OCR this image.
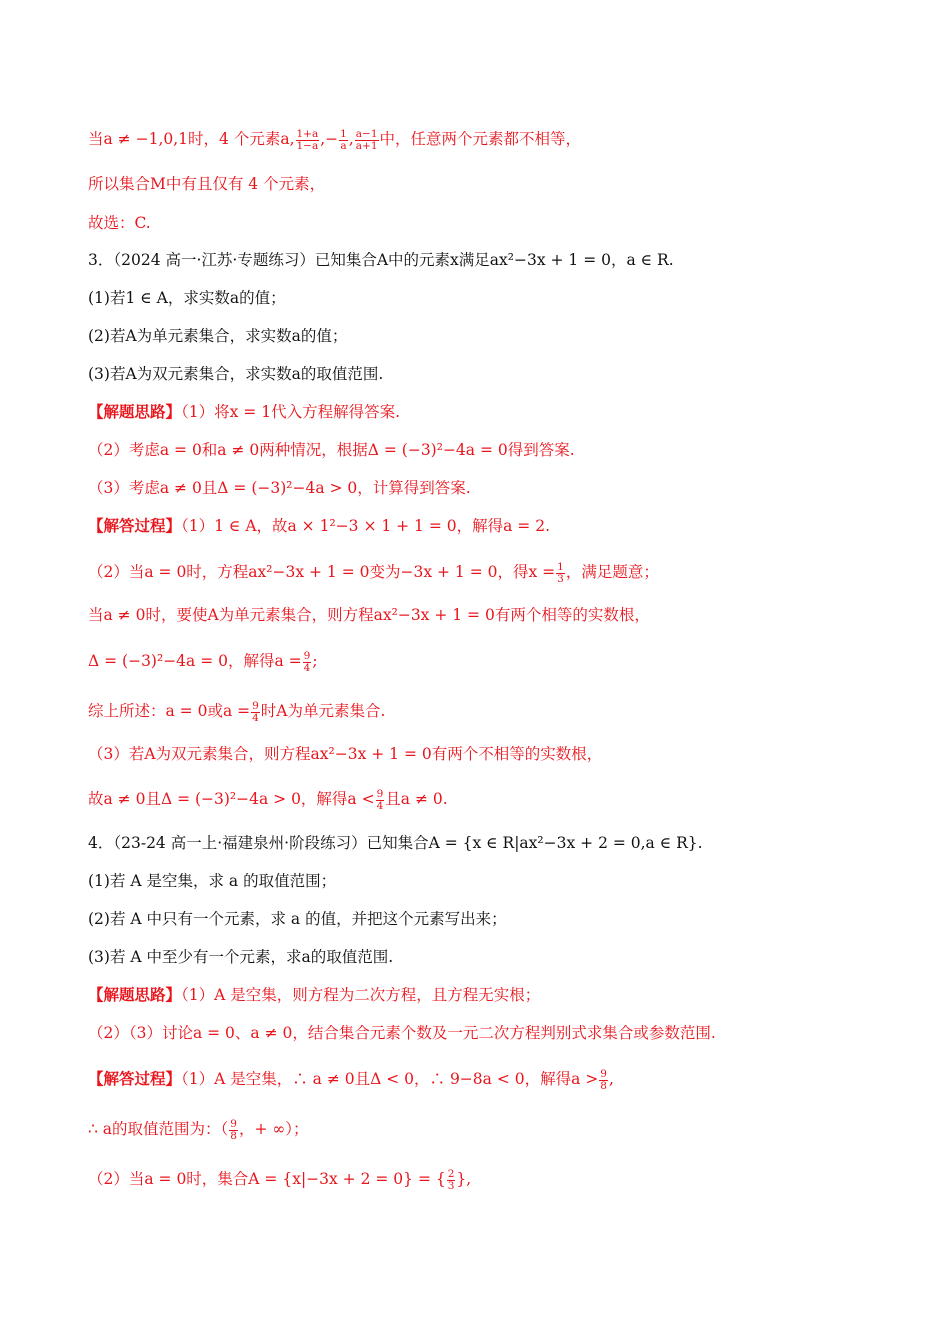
当a ≠ −1,0,1时，4 个元素a, $\frac{1+a}{1-a}$ ,− $\frac{1}{a}$ , $\frac{a-1}{a+1}$ 中，任意两个元素都不相等，
所以集合M中有且仅有 4 个元素，
故选：C.
3．（2024 高一·江苏·专题练习）已知集合A中的元素x满足ax²−3x + 1 = 0，a ∈ R.
(1)若1 ∈ A，求实数a的值；
(2)若A为单元素集合，求实数a的值；
(3)若A为双元素集合，求实数a的取值范围.
【解题思路】（1）将x = 1代入方程解得答案.
（2）考虑a = 0和a ≠ 0两种情况，根据Δ = (−3)²−4a = 0得到答案.
（3）考虑a ≠ 0且Δ = (−3)²−4a > 0，计算得到答案.
【解答过程】（1）1 ∈ A，故a × 1²−3 × 1 + 1 = 0，解得a = 2.
（2）当a = 0时，方程ax²−3x + 1 = 0变为−3x + 1 = 0，得$x = \frac{1}{3}$ ，满足题意；
当a ≠ 0时，要使A为单元素集合，则方程ax²−3x + 1 = 0有两个相等的实数根，
Δ = (−3)²−4a = 0，解得$a = \frac{9}{4}$ ;
综上所述：a = 0或$a = \frac{9}{4}$ 时A为单元素集合.
（3）若A为双元素集合，则方程ax²−3x + 1 = 0有两个不相等的实数根，
故a ≠ 0且Δ = (−3)²−4a > 0，解得$a < \frac{9}{4}$ 且a ≠ 0.
4．（23-24 高一上·福建泉州·阶段练习）已知集合A = {x ∈ R|ax²−3x + 2 = 0,a ∈ R}.
(1)若 A 是空集，求 a 的取值范围；
(2)若 A 中只有一个元素，求 a 的值，并把这个元素写出来；
(3)若 A 中至少有一个元素，求a的取值范围.
【解题思路】（1）A 是空集，则方程为二次方程，且方程无实根；
（2）（3）讨论a = 0、a ≠ 0，结合集合元素个数及一元二次方程判别式求集合或参数范围.
【解答过程】（1）A 是空集，∴ a ≠ 0且Δ < 0，∴ 9−8a < 0，解得$a > \frac{9}{8}$ ,
∴ a的取值范围为：（ $\frac{9}{8}$ ，+ ∞）；
（2）当a = 0时，集合A = {x|−3x + 2 = 0} = { $\frac{2}{3}$ },
